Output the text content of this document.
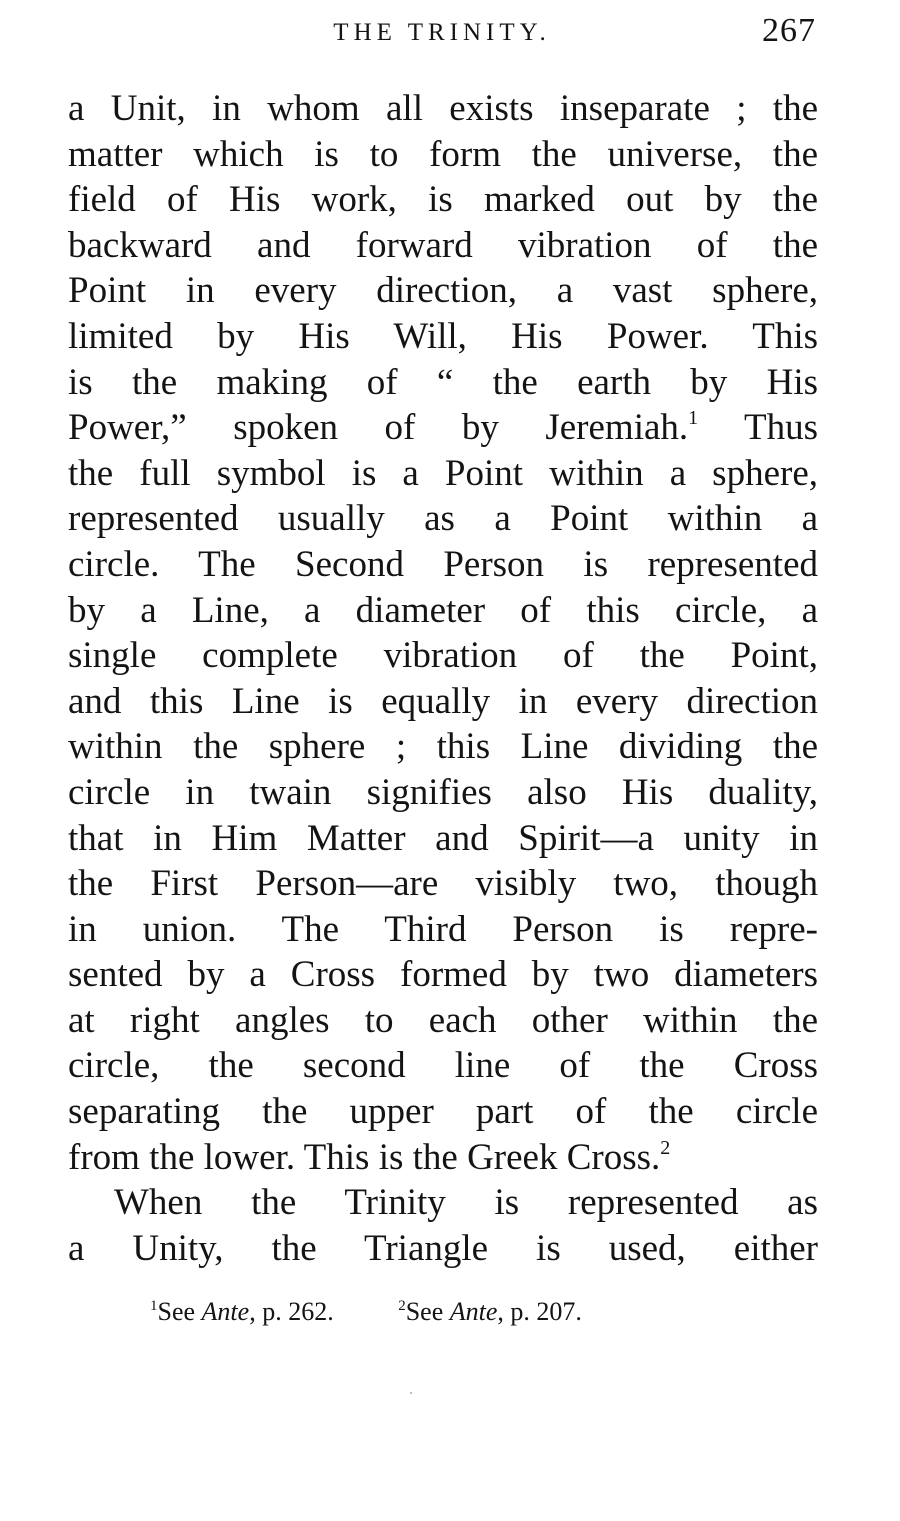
THE TRINITY.	267
a Unit, in whom all exists inseparate ; the
matter which is to form the universe, the
field of His work, is marked out by the
backward and forward vibration of the
Point in every direction, a vast sphere,
limited by His Will, His Power. This
is the making of “ the earth by His
Power,” spoken of by Jeremiah.$^1$ Thus
the full symbol is a Point within a sphere,
represented usually as a Point within a
circle. The Second Person is represented
by a Line, a diameter of this circle, a
single complete vibration of the Point,
and this Line is equally in every direction
within the sphere ; this Line dividing the
circle in twain signifies also His duality,
that in Him Matter and Spirit—a unity in
the First Person—are visibly two, though
in union. The Third Person is repre-
sented by a Cross formed by two diameters
at right angles to each other within the
circle, the second line of the Cross
separating the upper part of the circle
from the lower. This is the Greek Cross.$^2$
When the Trinity is represented as
a Unity, the Triangle is used, either
$^1$See Ante, p. 262.	$^2$See Ante, p. 207.
